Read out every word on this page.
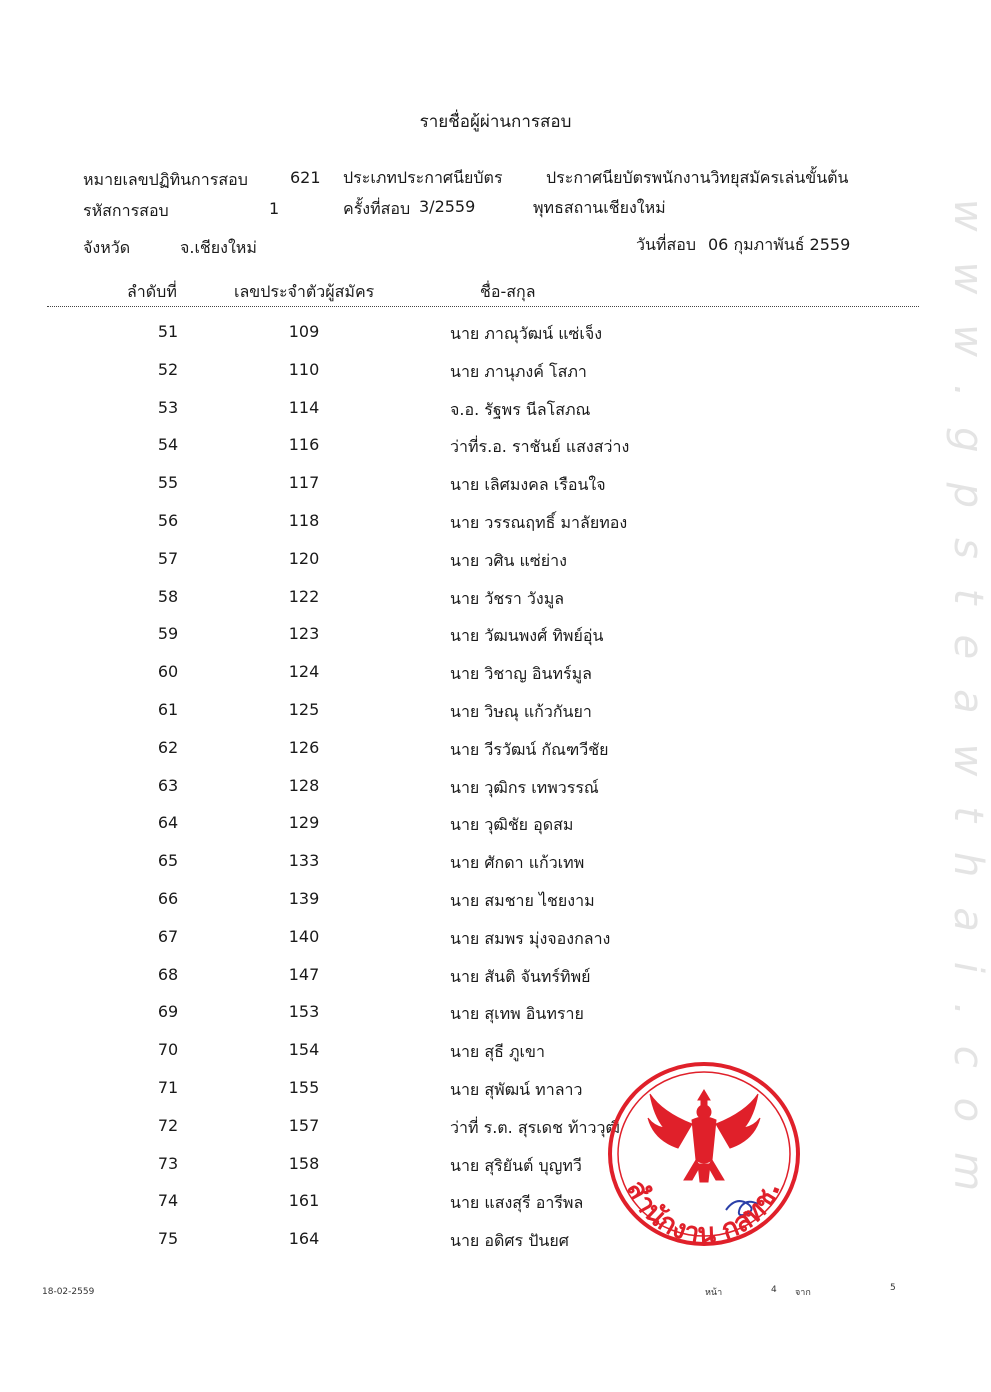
รายชื่อผู้ผ่านการสอบ
หมายเลขปฏิทินการสอบ	621 ประเภทประกาศนียบัตร	ประกาศนียบัตรพนักงานวิทยุสมัครเล่นขั้นต้น
รหัสการสอบ	1	ครั้งที่สอบ 3/2559	พุทธสถานเชียงใหม่
จังหวัด	จ.เชียงใหม่	วันที่สอบ 06 กุมภาพันธ์ 2559
ลำดับที่	เลขประจำตัวผู้สมัคร	ชื่อ-สกุล
51	109	นาย ภาณุวัฒน์ แซ่เจ็ง
52	110	นาย ภานุภงค์ โสภา
53	114	จ.อ. รัฐพร นีลโสภณ
54	116	ว่าที่ร.อ. ราชันย์ แสงสว่าง
55	117	นาย เลิศมงคล เรือนใจ
56	118	นาย วรรณฤทธิ์ มาลัยทอง
57	120	นาย วศิน แซ่ย่าง
58	122	นาย วัชรา วังมูล
59	123	นาย วัฒนพงศ์ ทิพย์อุ่น
60	124	นาย วิชาญ อินทร์มูล
61	125	นาย วิษณุ แก้วกันยา
62	126	นาย วีรวัฒน์ กัณฑวีชัย
63	128	นาย วุฒิกร เทพวรรณ์
64	129	นาย วุฒิชัย อุดสม
65	133	นาย ศักดา แก้วเทพ
66	139	นาย สมชาย ไชยงาม
67	140	นาย สมพร มุ่งจองกลาง
68	147	นาย สันติ จันทร์ทิพย์
69	153	นาย สุเทพ อินทราย
70	154	นาย สุธี ภูเขา
71	155	นาย สุพัฒน์ ทาลาว
72	157	ว่าที่ ร.ต. สุรเดช ท้าววุฒิ
73	158	นาย สุริยันต์ บุญทวี
74	161	นาย แสงสุรี อารีพล
75	164	นาย อดิศร ปันยศ
18-02-2559	หน้า	4 จาก	5
www.gpsteawthai.com
สำนักงาน กสทช.
